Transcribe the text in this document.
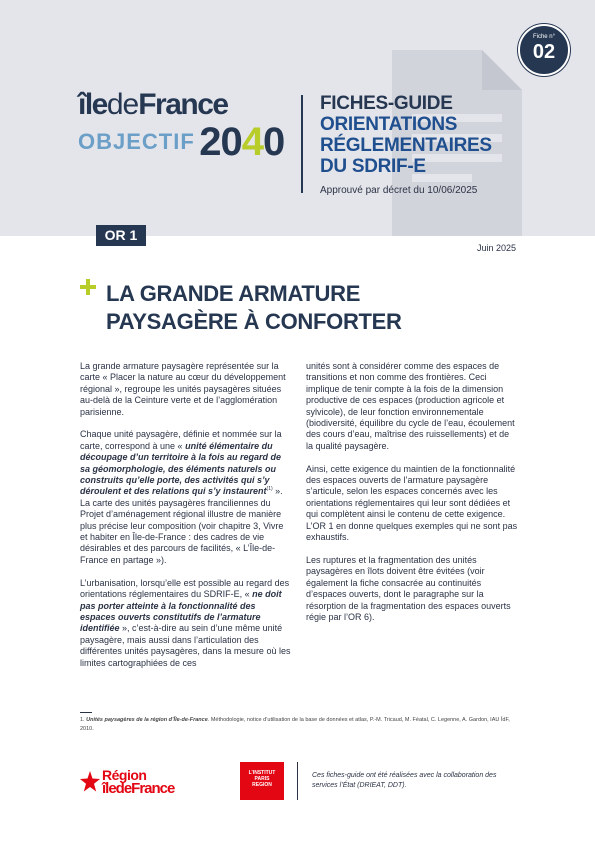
îledeFrance
OBJECTIF 2040
FICHES-GUIDE
ORIENTATIONS
RÉGLEMENTAIRES
DU SDRIF-E
Approuvé par décret du 10/06/2025
Fiche n°
02
OR 1
Juin 2025
LA GRANDE ARMATURE
PAYSAGÈRE À CONFORTER

La grande armature paysagère représentée sur la carte « Placer la nature au cœur du développement régional », regroupe les unités paysagères situées au-delà de la Ceinture verte et de l’agglomération parisienne.

Chaque unité paysagère, définie et nommée sur la carte, correspond à une « unité élémentaire du découpage d’un territoire à la fois au regard de sa géomorphologie, des éléments naturels ou construits qu’elle porte, des activités qui s’y déroulent et des relations qui s’y instaurent$^{(1)}$ ». La carte des unités paysagères franciliennes du Projet d’aménagement régional illustre de manière plus précise leur composition (voir chapitre 3, Vivre et habiter en Île-de-France : des cadres de vie désirables et des parcours de facilités, « L’Île-de-France en partage »).

L’urbanisation, lorsqu’elle est possible au regard des orientations réglementaires du SDRIF-E, « ne doit pas porter atteinte à la fonctionnalité des espaces ouverts constitutifs de l’armature identifiée », c’est-à-dire au sein d’une même unité paysagère, mais aussi dans l’articulation des différentes unités paysagères, dans la mesure où les limites cartographiées de ces

unités sont à considérer comme des espaces de transitions et non comme des frontières. Ceci implique de tenir compte à la fois de la dimension productive de ces espaces (production agricole et sylvicole), de leur fonction environnementale (biodiversité, équilibre du cycle de l’eau, écoulement des cours d’eau, maîtrise des ruissellements) et de la qualité paysagère.

Ainsi, cette exigence du maintien de la fonctionnalité des espaces ouverts de l’armature paysagère s’articule, selon les espaces concernés avec les orientations réglementaires qui leur sont dédiées et qui complètent ainsi le contenu de cette exigence. L’OR 1 en donne quelques exemples qui ne sont pas exhaustifs.

Les ruptures et la fragmentation des unités paysagères en îlots doivent être évitées (voir également la fiche consacrée au continuités d’espaces ouverts, dont le paragraphe sur la résorption de la fragmentation des espaces ouverts régie par l’OR 6).

1. Unités paysagères de la région d’Île-de-France. Méthodologie, notice d’utilisation de la base de données et atlas, P.-M. Tricaud, M. Féatal, C. Legenne, A. Gardon, IAU ÎdF, 2010.
Région
îledeFrance
L’INSTITUT
PARIS
REGION
Ces fiches-guide ont été réalisées avec la collaboration des services l’État (DRIEAT, DDT).
